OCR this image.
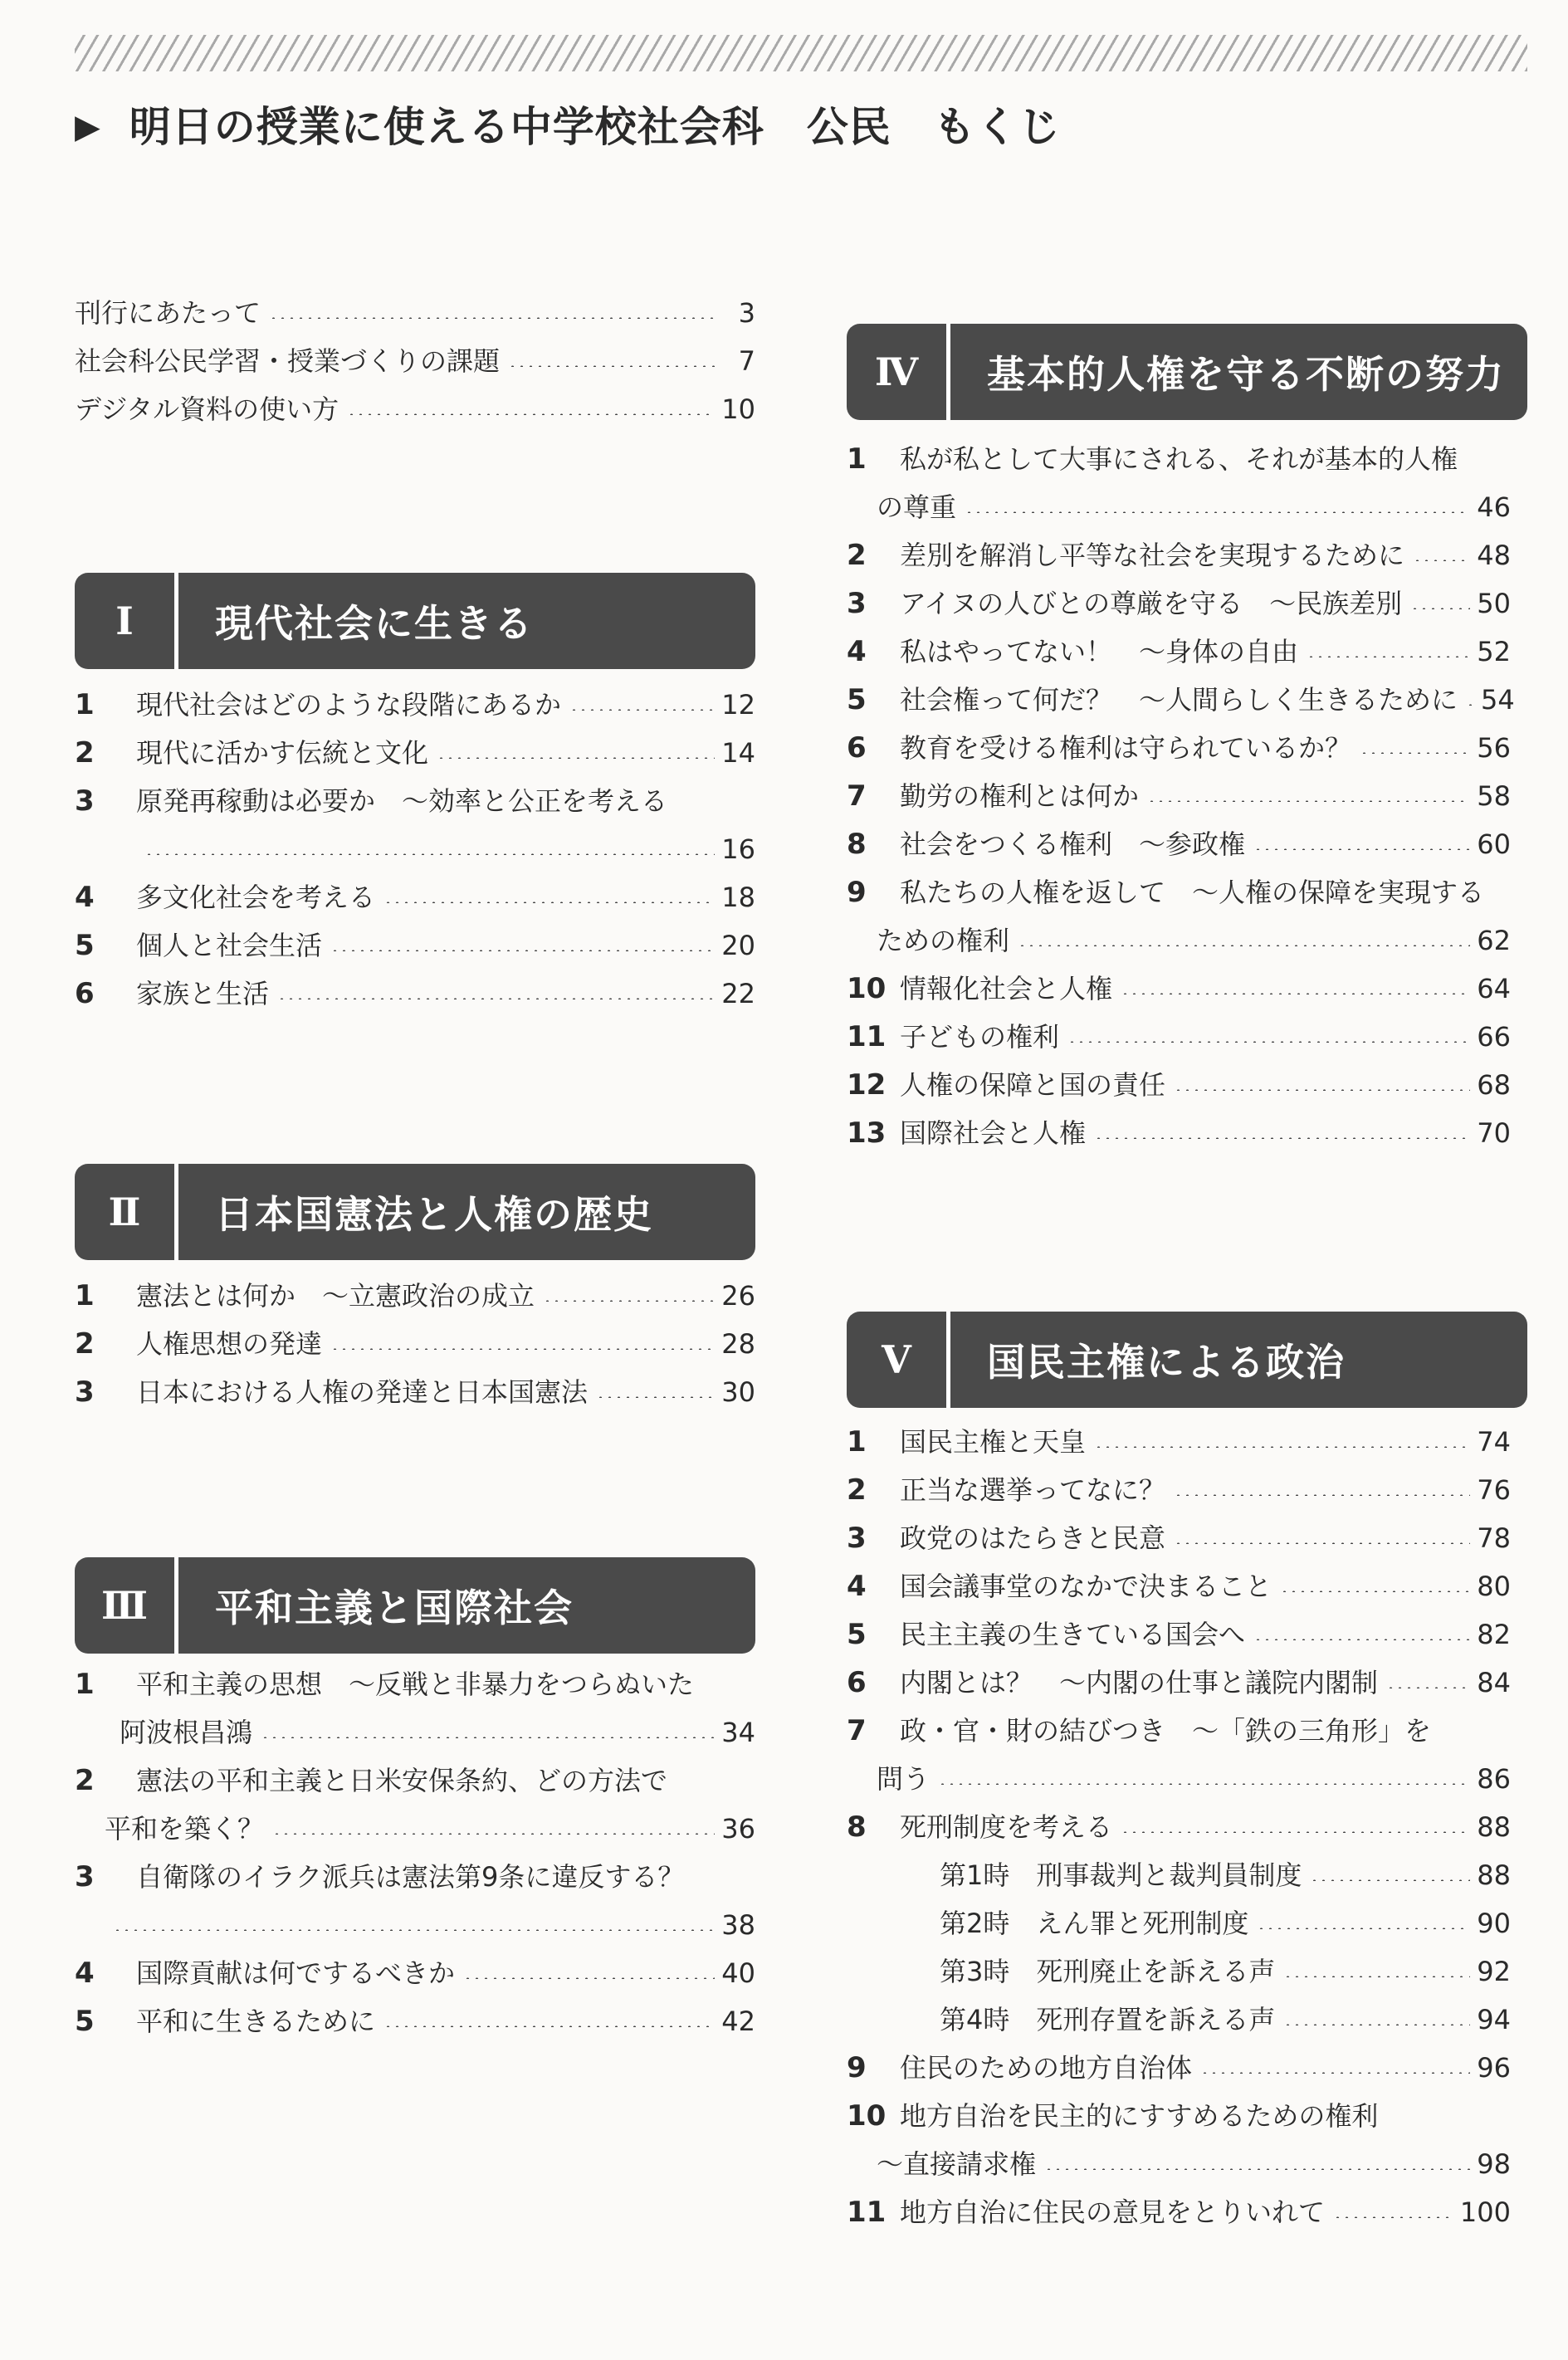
▶ 明日の授業に使える中学校社会科　公民　もくじ
刊行にあたって	3
社会科公民学習・授業づくりの課題	7
デジタル資料の使い方	10
Ⅰ	現代社会に生きる
1	現代社会はどのような段階にあるか	12
2	現代に活かす伝統と文化	14
3	原発再稼動は必要か　～効率と公正を考える
16
4	多文化社会を考える	18
5	個人と社会生活	20
6	家族と生活	22
Ⅱ	日本国憲法と人権の歴史
1	憲法とは何か　～立憲政治の成立	26
2	人権思想の発達	28
3	日本における人権の発達と日本国憲法	30
Ⅲ	平和主義と国際社会
1	平和主義の思想　～反戦と非暴力をつらぬいた
阿波根昌鴻	34
2	憲法の平和主義と日米安保条約、どの方法で
平和を築く？	36
3	自衛隊のイラク派兵は憲法第9条に違反する？
38
4	国際貢献は何でするべきか	40
5	平和に生きるために	42
Ⅳ	基本的人権を守る不断の努力
1	私が私として大事にされる、それが基本的人権
の尊重	46
2	差別を解消し平等な社会を実現するために	48
3	アイヌの人びとの尊厳を守る　～民族差別	50
4	私はやってない！　～身体の自由	52
5	社会権って何だ？　～人間らしく生きるために 54
6	教育を受ける権利は守られているか？	56
7	勤労の権利とは何か	58
8	社会をつくる権利　～参政権	60
9	私たちの人権を返して　～人権の保障を実現する
ための権利	62
10 情報化社会と人権	64
11 子どもの権利	66
12 人権の保障と国の責任	68
13 国際社会と人権	70
Ⅴ	国民主権による政治
1	国民主権と天皇	74
2	正当な選挙ってなに？	76
3	政党のはたらきと民意	78
4	国会議事堂のなかで決まること	80
5	民主主義の生きている国会へ	82
6	内閣とは？　～内閣の仕事と議院内閣制	84
7	政・官・財の結びつき　～「鉄の三角形」を
問う	86
8	死刑制度を考える	88
第1時　刑事裁判と裁判員制度	88
第2時　えん罪と死刑制度	90
第3時　死刑廃止を訴える声	92
第4時　死刑存置を訴える声	94
9	住民のための地方自治体	96
10 地方自治を民主的にすすめるための権利
～直接請求権	98
11 地方自治に住民の意見をとりいれて	100
